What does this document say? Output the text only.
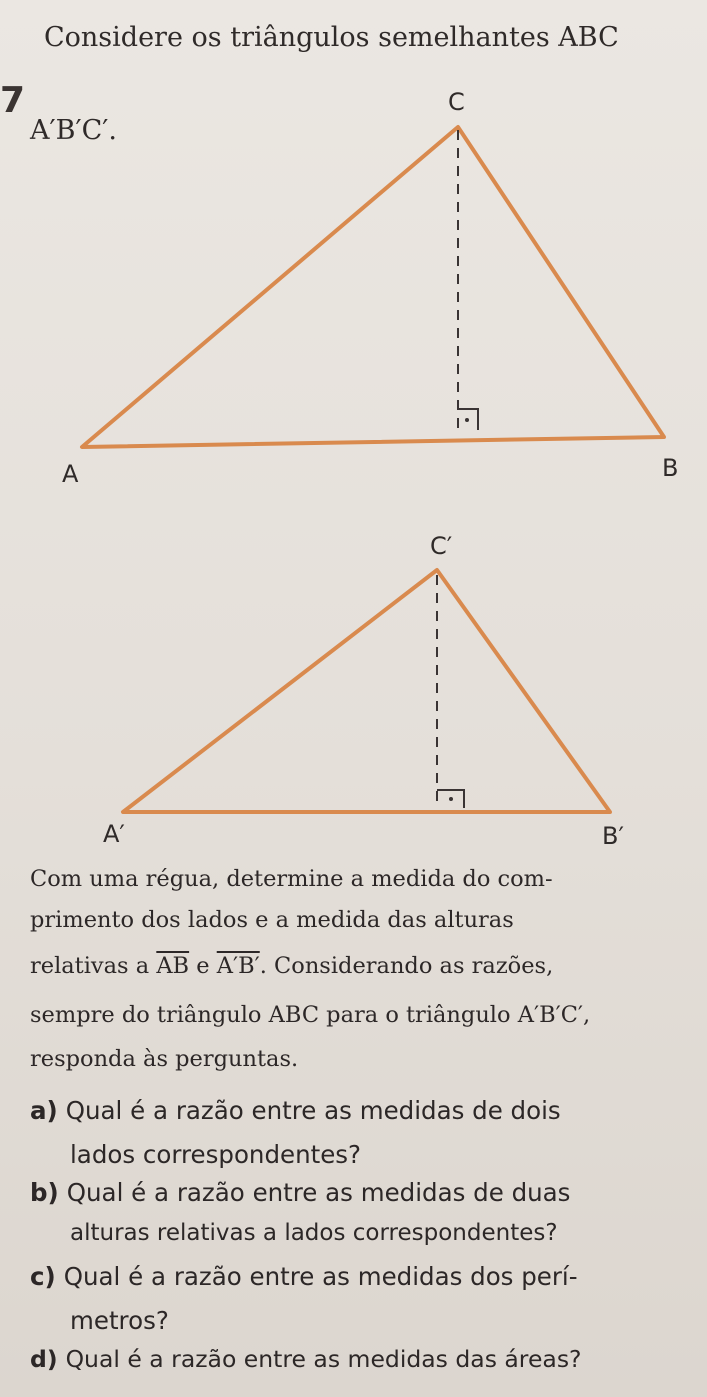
7
Considere os triângulos semelhantes ABC
A′B′C′.
C
A	B
C′
A′	B′
Com uma régua, determine a medida do com-
primento dos lados e a medida das alturas
relativas a $\overline{AB}$ e A′B′. Considerando as razões,
sempre do triângulo ABC para o triângulo A′B′C′,
responda às perguntas.
a) Qual é a razão entre as medidas de dois
lados correspondentes?
b) Qual é a razão entre as medidas de duas
alturas relativas a lados correspondentes?
c) Qual é a razão entre as medidas dos perí-
metros?
d) Qual é a razão entre as medidas das áreas?
